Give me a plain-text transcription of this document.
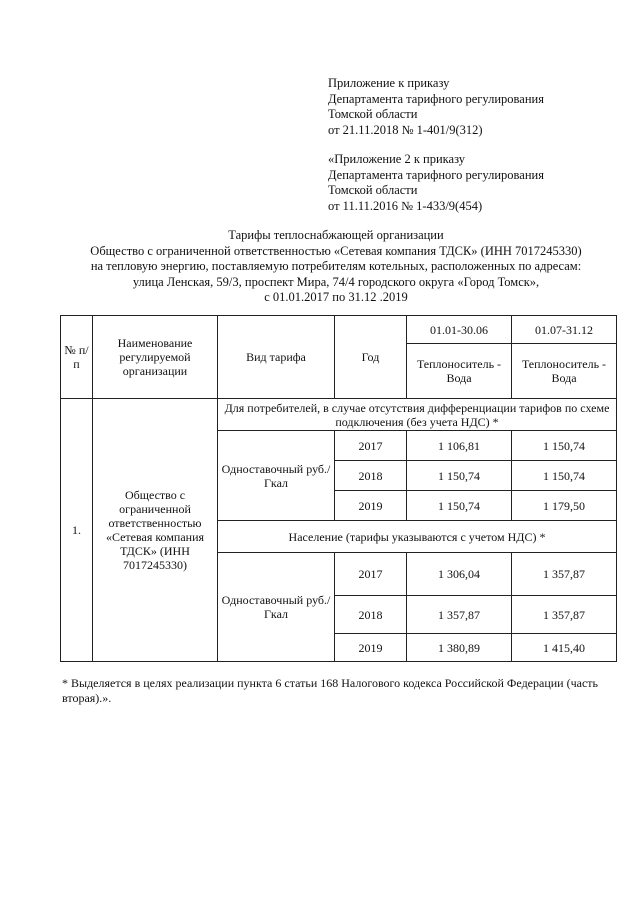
Приложение к приказу
Департамента тарифного регулирования
Томской области
от 21.11.2018 № 1-401/9(312)
«Приложение 2 к приказу
Департамента тарифного регулирования
Томской области
от 11.11.2016 № 1-433/9(454)
Тарифы теплоснабжающей организации
Общество с ограниченной ответственностью «Сетевая компания ТДСК» (ИНН 7017245330)
на тепловую энергию, поставляемую потребителям котельных, расположенных по адресам:
улица Ленская, 59/3, проспект Мира, 74/4 городского округа «Город Томск»,
с 01.01.2017 по 31.12 .2019
№ п/п	Наименование регулируемой организации	Вид тарифа	Год	01.01-30.06	01.07-31.12
				Теплоноситель - Вода	Теплоноситель - Вода
1.	Общество с ограниченной ответственностью «Сетевая компания ТДСК» (ИНН 7017245330)	Для потребителей, в случае отсутствия дифференциации тарифов по схеме подключения (без учета НДС) *			
		Одноставочный руб./Гкал	2017	1 106,81	1 150,74
			2018	1 150,74	1 150,74
			2019	1 150,74	1 179,50
		Население (тарифы указываются с учетом НДС) *			
		Одноставочный руб./Гкал	2017	1 306,04	1 357,87
			2018	1 357,87	1 357,87
			2019	1 380,89	1 415,40
* Выделяется в целях реализации пункта 6 статьи 168 Налогового кодекса Российской Федерации (часть вторая).».
